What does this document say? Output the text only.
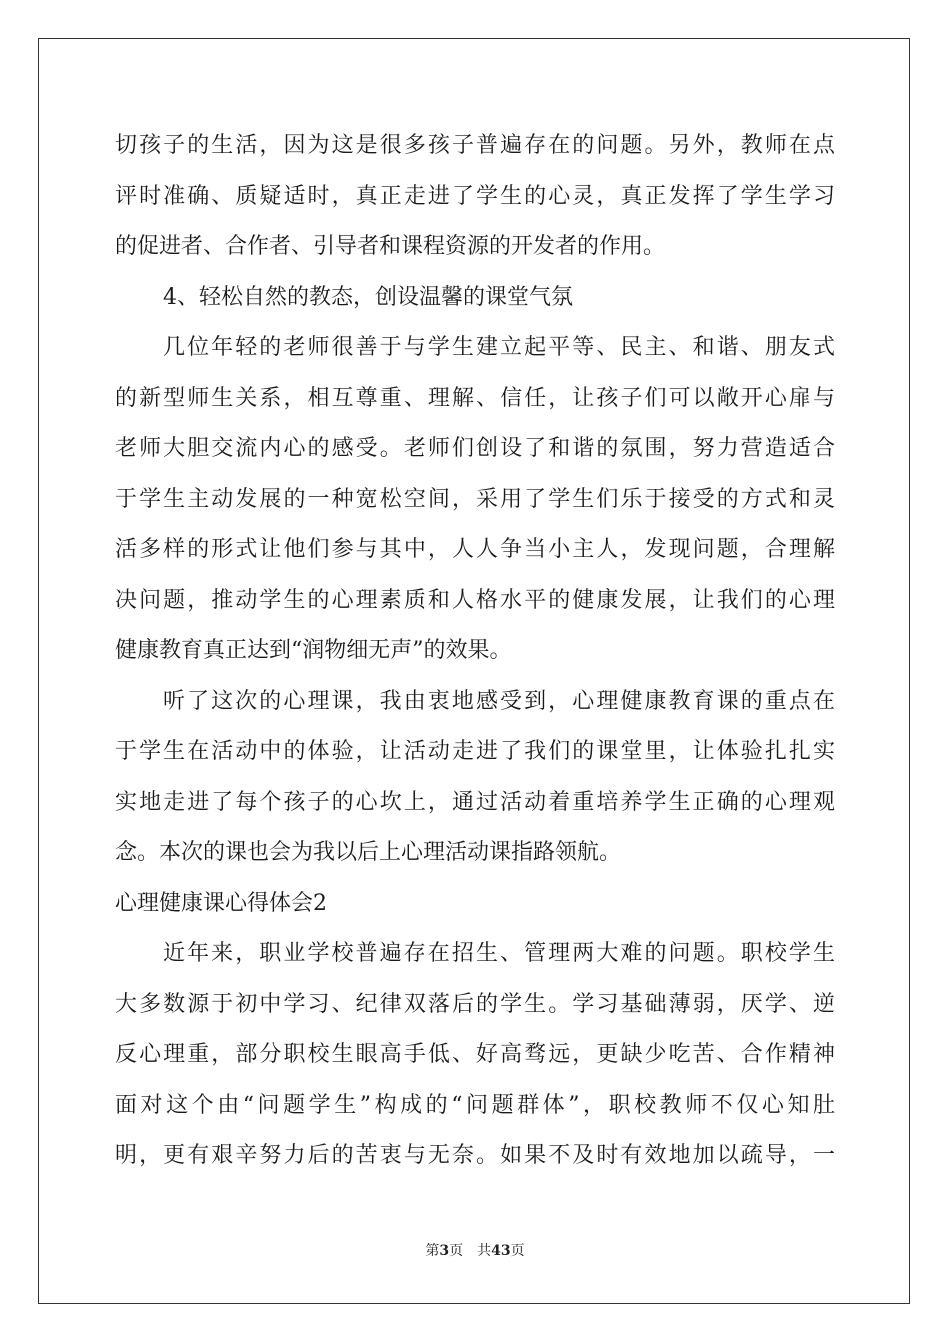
切孩子的生活，因为这是很多孩子普遍存在的问题。另外，教师在点
评时准确、质疑适时，真正走进了学生的心灵，真正发挥了学生学习
的促进者、合作者、引导者和课程资源的开发者的作用。
4、轻松自然的教态，创设温馨的课堂气氛
几位年轻的老师很善于与学生建立起平等、民主、和谐、朋友式
的新型师生关系，相互尊重、理解、信任，让孩子们可以敞开心扉与
老师大胆交流内心的感受。老师们创设了和谐的氛围，努力营造适合
于学生主动发展的一种宽松空间，采用了学生们乐于接受的方式和灵
活多样的形式让他们参与其中，人人争当小主人，发现问题，合理解
决问题，推动学生的心理素质和人格水平的健康发展，让我们的心理
健康教育真正达到“润物细无声”的效果。
听了这次的心理课，我由衷地感受到，心理健康教育课的重点在
于学生在活动中的体验，让活动走进了我们的课堂里，让体验扎扎实
实地走进了每个孩子的心坎上，通过活动着重培养学生正确的心理观
念。本次的课也会为我以后上心理活动课指路领航。
心理健康课心得体会2
近年来，职业学校普遍存在招生、管理两大难的问题。职校学生
大多数源于初中学习、纪律双落后的学生。学习基础薄弱，厌学、逆
反心理重，部分职校生眼高手低、好高骛远，更缺少吃苦、合作精神
面对这个由“问题学生”构成的“问题群体”，职校教师不仅心知肚
明，更有艰辛努力后的苦衷与无奈。如果不及时有效地加以疏导，一
第3页　共43页
